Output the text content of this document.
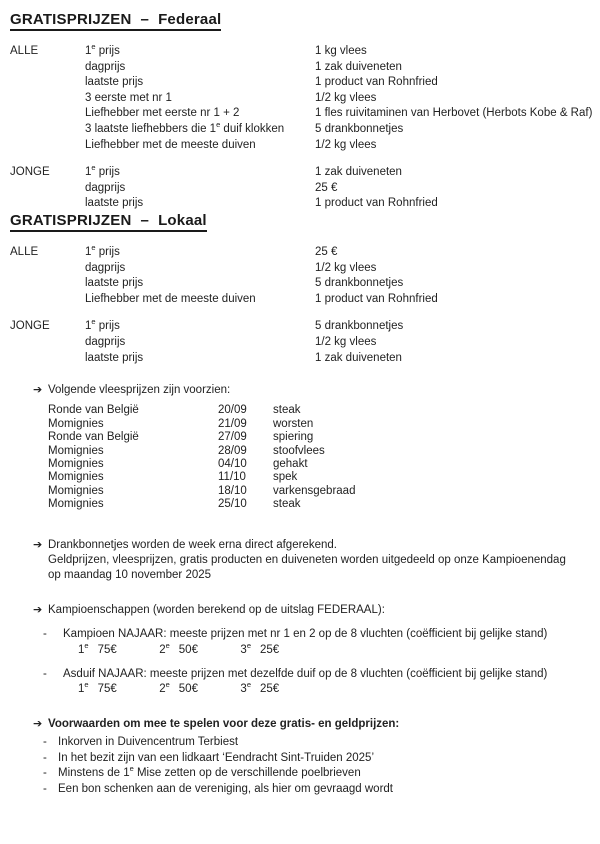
GRATISPRIJZEN – Federaal
ALLE	1e prijs	1 kg vlees
dagprijs	1 zak duiveneten
laatste prijs	1 product van Rohnfried
3 eerste met nr 1	1/2 kg vlees
Liefhebber met eerste nr 1 + 2	1 fles ruivitaminen van Herbovet (Herbots Kobe & Raf)
3 laatste liefhebbers die 1e duif klokken	5 drankbonnetjes
Liefhebber met de meeste duiven	1/2 kg vlees
JONGE	1e prijs	1 zak duiveneten
dagprijs	25 €
laatste prijs	1 product van Rohnfried
GRATISPRIJZEN – Lokaal
ALLE	1e prijs	25 €
dagprijs	1/2 kg vlees
laatste prijs	5 drankbonnetjes
Liefhebber met de meeste duiven	1 product van Rohnfried
JONGE	1e prijs	5 drankbonnetjes
dagprijs	1/2 kg vlees
laatste prijs	1 zak duiveneten
➔ Volgende vleesprijzen zijn voorzien:
Ronde van België	20/09	steak
Momignies	21/09	worsten
Ronde van België	27/09	spiering
Momignies	28/09	stoofvlees
Momignies	04/10	gehakt
Momignies	11/10	spek
Momignies	18/10	varkensgebraad
Momignies	25/10	steak
➔ Drankbonnetjes worden de week erna direct afgerekend.
Geldprijzen, vleesprijzen, gratis producten en duiveneten worden uitgedeeld op onze Kampioenendag
op maandag 10 november 2025
➔ Kampioenschappen (worden berekend op de uitslag FEDERAAL):
-	Kampioen NAJAAR: meeste prijzen met nr 1 en 2 op de 8 vluchten (coëfficient bij gelijke stand)
1e 75€	2e 50€	3e 25€
-	Asduif NAJAAR: meeste prijzen met dezelfde duif op de 8 vluchten (coëfficient bij gelijke stand)
1e 75€	2e 50€	3e 25€
➔ Voorwaarden om mee te spelen voor deze gratis- en geldprijzen:
- Inkorven in Duivencentrum Terbiest
- In het bezit zijn van een lidkaart ‘Eendracht Sint-Truiden 2025’
- Minstens de 1e Mise zetten op de verschillende poelbrieven
- Een bon schenken aan de vereniging, als hier om gevraagd wordt
